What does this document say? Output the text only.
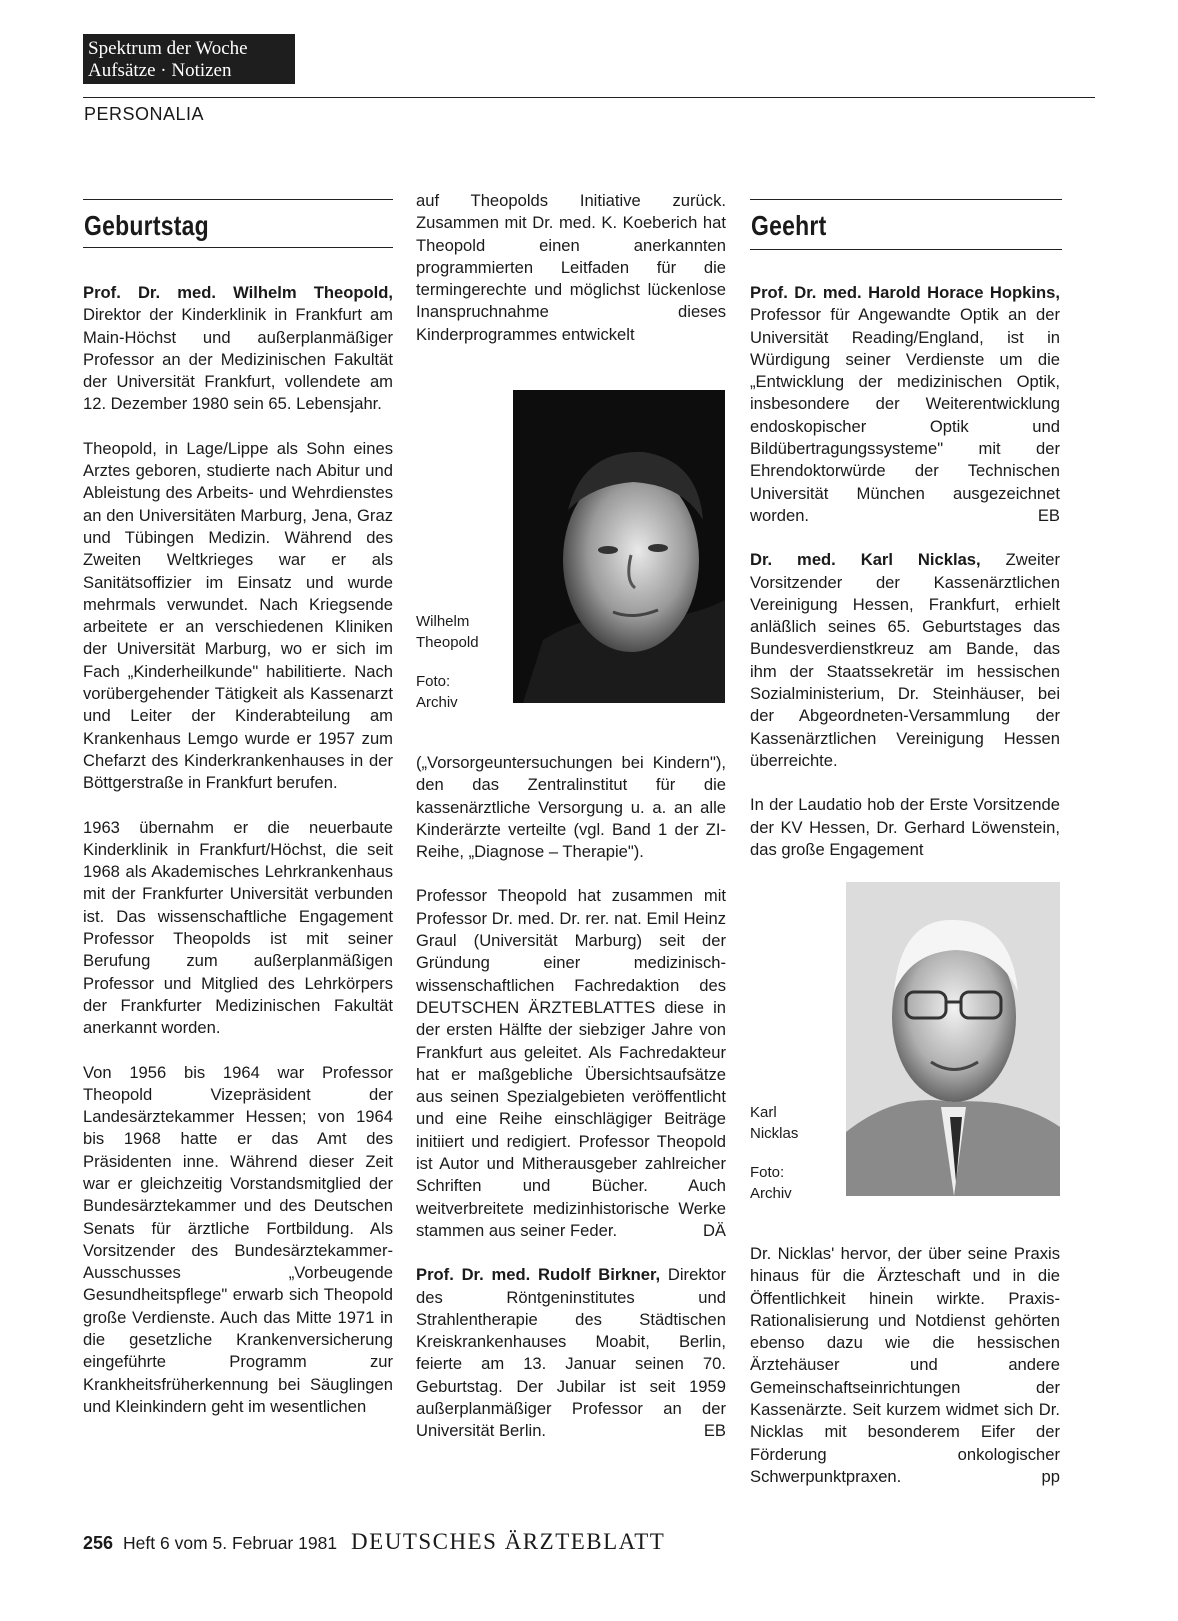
Spektrum der Woche
Aufsätze · Notizen
PERSONALIA
Geburtstag

Prof. Dr. med. Wilhelm Theopold, Direktor der Kinderklinik in Frankfurt am Main-Höchst und außerplanmäßiger Professor an der Medizinischen Fakultät der Universität Frankfurt, vollendete am 12. Dezember 1980 sein 65. Lebensjahr.

Theopold, in Lage/Lippe als Sohn eines Arztes geboren, studierte nach Abitur und Ableistung des Arbeits- und Wehrdienstes an den Universitäten Marburg, Jena, Graz und Tübingen Medizin. Während des Zweiten Weltkrieges war er als Sanitätsoffizier im Einsatz und wurde mehrmals verwundet. Nach Kriegsende arbeitete er an verschiedenen Kliniken der Universität Marburg, wo er sich im Fach „Kinderheilkunde" habilitierte. Nach vorübergehender Tätigkeit als Kassenarzt und Leiter der Kinderabteilung am Krankenhaus Lemgo wurde er 1957 zum Chefarzt des Kinderkrankenhauses in der Böttgerstraße in Frankfurt berufen.

1963 übernahm er die neuerbaute Kinderklinik in Frankfurt/Höchst, die seit 1968 als Akademisches Lehrkrankenhaus mit der Frankfurter Universität verbunden ist. Das wissenschaftliche Engagement Professor Theopolds ist mit seiner Berufung zum außerplanmäßigen Professor und Mitglied des Lehrkörpers der Frankfurter Medizinischen Fakultät anerkannt worden.

Von 1956 bis 1964 war Professor Theopold Vizepräsident der Landesärztekammer Hessen; von 1964 bis 1968 hatte er das Amt des Präsidenten inne. Während dieser Zeit war er gleichzeitig Vorstandsmitglied der Bundesärztekammer und des Deutschen Senats für ärztliche Fortbildung. Als Vorsitzender des Bundesärztekammer-Ausschusses „Vorbeugende Gesundheitspflege" erwarb sich Theopold große Verdienste. Auch das Mitte 1971 in die gesetzliche Krankenversicherung eingeführte Programm zur Krankheitsfrüherkennung bei Säuglingen und Kleinkindern geht im wesentlichen

auf Theopolds Initiative zurück. Zusammen mit Dr. med. K. Koeberich hat Theopold einen anerkannten programmierten Leitfaden für die termingerechte und möglichst lückenlose Inanspruchnahme dieses Kinderprogrammes entwickelt

Wilhelm
Theopold

Foto:
Archiv

(„Vorsorgeuntersuchungen bei Kindern"), den das Zentralinstitut für die kassenärztliche Versorgung u. a. an alle Kinderärzte verteilte (vgl. Band 1 der ZI-Reihe, „Diagnose – Therapie").

Professor Theopold hat zusammen mit Professor Dr. med. Dr. rer. nat. Emil Heinz Graul (Universität Marburg) seit der Gründung einer medizinisch-wissenschaftlichen Fachredaktion des DEUTSCHEN ÄRZTEBLATTES diese in der ersten Hälfte der siebziger Jahre von Frankfurt aus geleitet. Als Fachredakteur hat er maßgebliche Übersichtsaufsätze aus seinen Spezialgebieten veröffentlicht und eine Reihe einschlägiger Beiträge initiiert und redigiert. Professor Theopold ist Autor und Mitherausgeber zahlreicher Schriften und Bücher. Auch weitverbreitete medizinhistorische Werke stammen aus seiner Feder.	DÄ

Prof. Dr. med. Rudolf Birkner, Direktor des Röntgeninstitutes und Strahlentherapie des Städtischen Kreiskrankenhauses Moabit, Berlin, feierte am 13. Januar seinen 70. Geburtstag. Der Jubilar ist seit 1959 außerplanmäßiger Professor an der Universität Berlin.	EB

Geehrt

Prof. Dr. med. Harold Horace Hopkins, Professor für Angewandte Optik an der Universität Reading/England, ist in Würdigung seiner Verdienste um die „Entwicklung der medizinischen Optik, insbesondere der Weiterentwicklung endoskopischer Optik und Bildübertragungssysteme" mit der Ehrendoktorwürde der Technischen Universität München ausgezeichnet worden.	EB

Dr. med. Karl Nicklas, Zweiter Vorsitzender der Kassenärztlichen Vereinigung Hessen, Frankfurt, erhielt anläßlich seines 65. Geburtstages das Bundesverdienstkreuz am Bande, das ihm der Staatssekretär im hessischen Sozialministerium, Dr. Steinhäuser, bei der Abgeordneten-Versammlung der Kassenärztlichen Vereinigung Hessen überreichte.

In der Laudatio hob der Erste Vorsitzende der KV Hessen, Dr. Gerhard Löwenstein, das große Engagement

Karl
Nicklas

Foto:
Archiv

Dr. Nicklas' hervor, der über seine Praxis hinaus für die Ärzteschaft und in die Öffentlichkeit hinein wirkte. Praxis-Rationalisierung und Notdienst gehörten ebenso dazu wie die hessischen Ärztehäuser und andere Gemeinschaftseinrichtungen der Kassenärzte. Seit kurzem widmet sich Dr. Nicklas mit besonderem Eifer der Förderung onkologischer Schwerpunktpraxen.	pp

256 Heft 6 vom 5. Februar 1981 DEUTSCHES ÄRZTEBLATT
